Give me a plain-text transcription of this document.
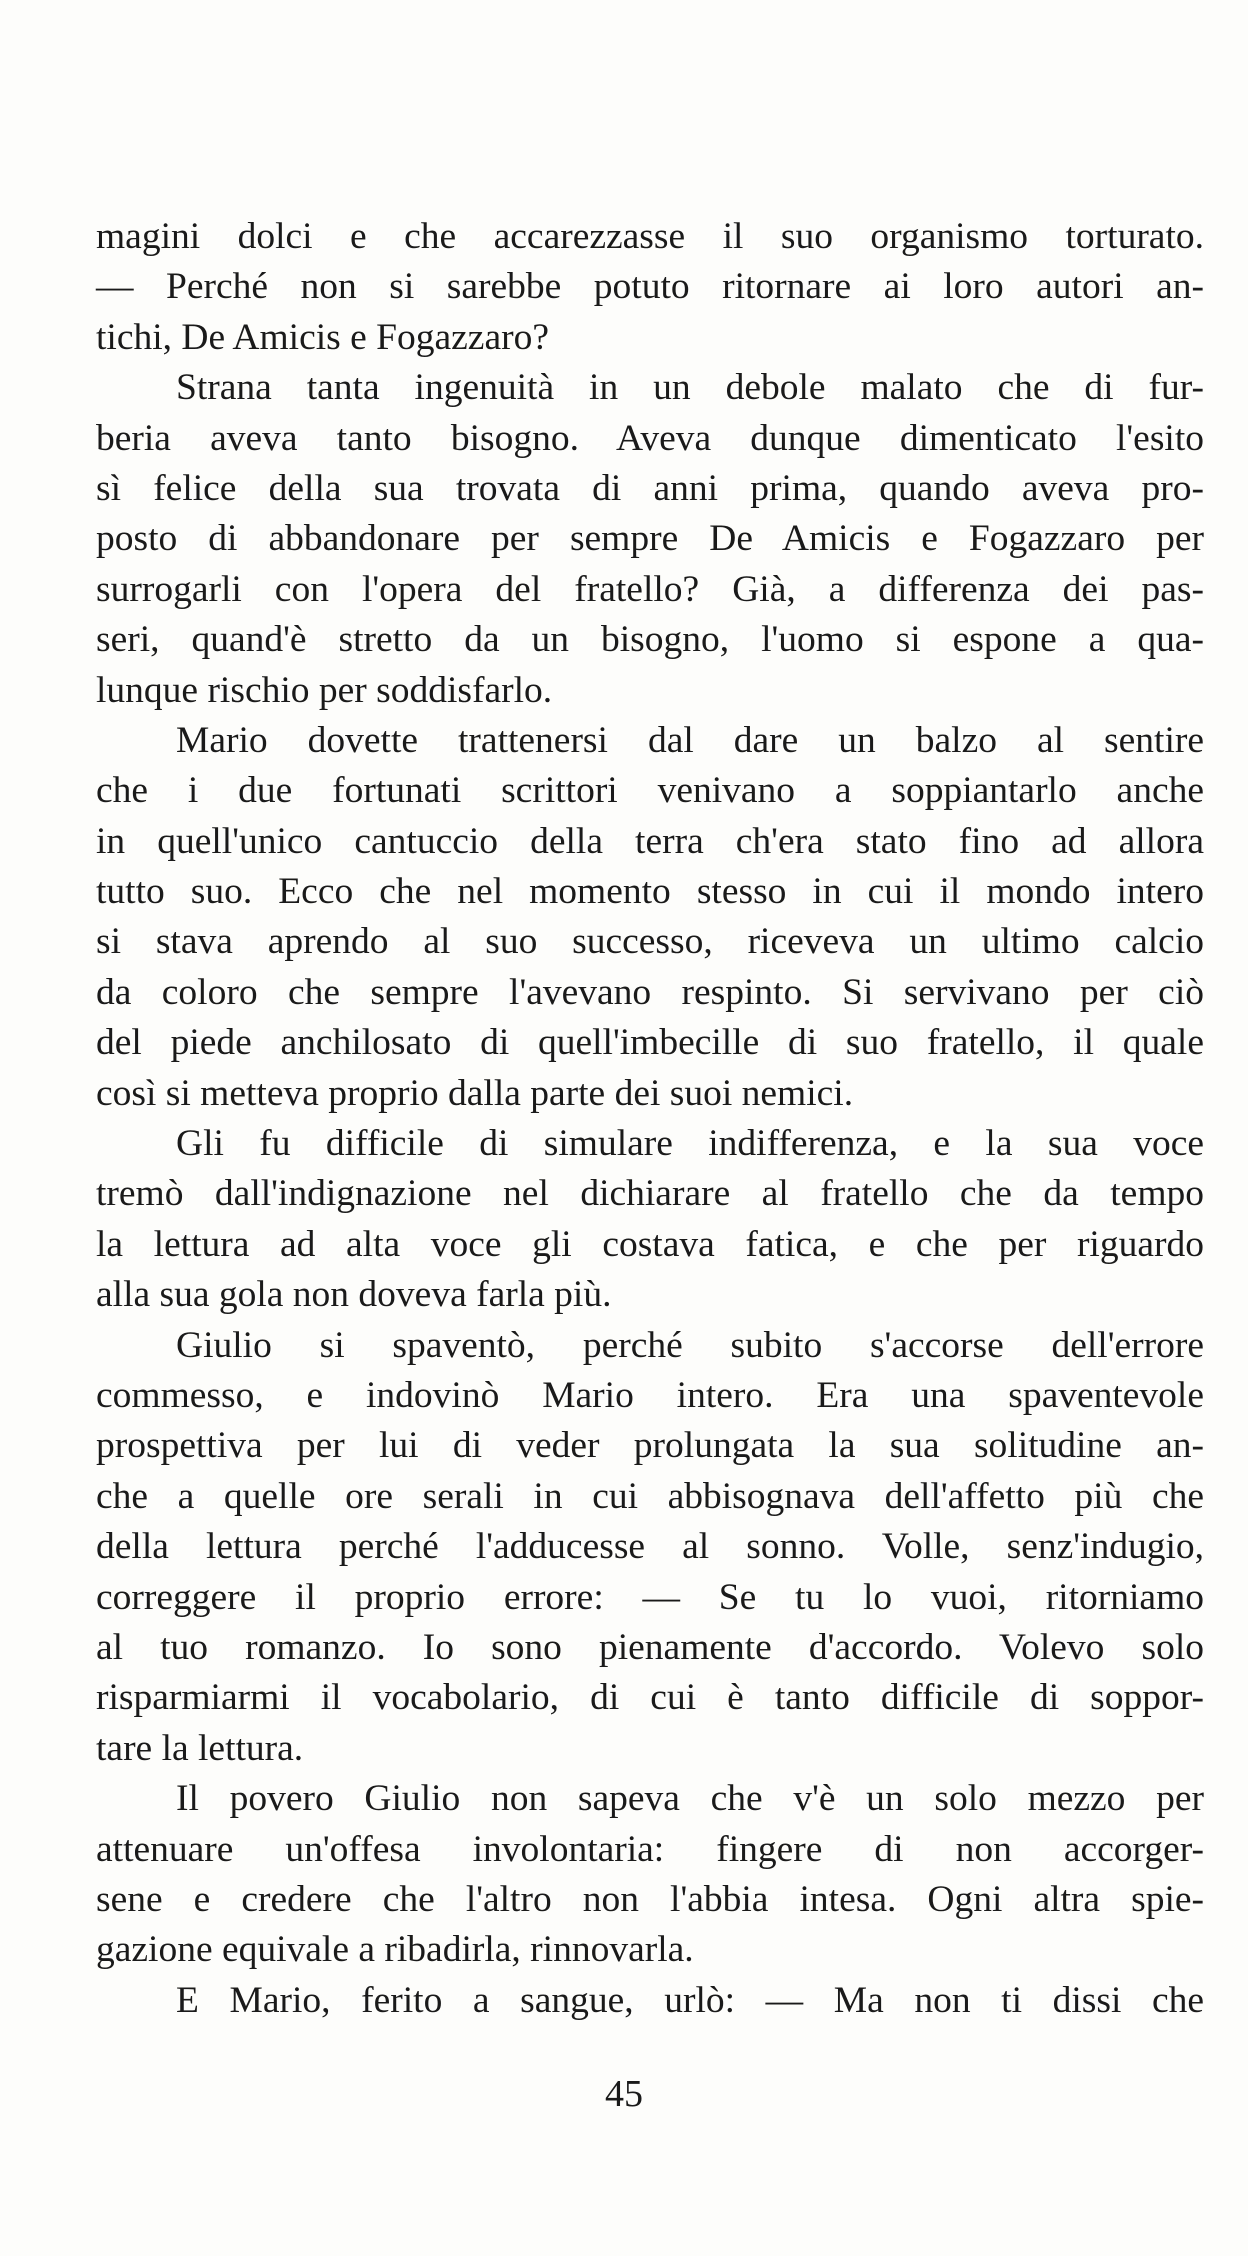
magini dolci e che accarezzasse il suo organismo torturato.
— Perché non si sarebbe potuto ritornare ai loro autori an-
tichi, De Amicis e Fogazzaro?
Strana tanta ingenuità in un debole malato che di fur-
beria aveva tanto bisogno. Aveva dunque dimenticato l'esito
sì felice della sua trovata di anni prima, quando aveva pro-
posto di abbandonare per sempre De Amicis e Fogazzaro per
surrogarli con l'opera del fratello? Già, a differenza dei pas-
seri, quand'è stretto da un bisogno, l'uomo si espone a qua-
lunque rischio per soddisfarlo.
Mario dovette trattenersi dal dare un balzo al sentire
che i due fortunati scrittori venivano a soppiantarlo anche
in quell'unico cantuccio della terra ch'era stato fino ad allora
tutto suo. Ecco che nel momento stesso in cui il mondo intero
si stava aprendo al suo successo, riceveva un ultimo calcio
da coloro che sempre l'avevano respinto. Si servivano per ciò
del piede anchilosato di quell'imbecille di suo fratello, il quale
così si metteva proprio dalla parte dei suoi nemici.
Gli fu difficile di simulare indifferenza, e la sua voce
tremò dall'indignazione nel dichiarare al fratello che da tempo
la lettura ad alta voce gli costava fatica, e che per riguardo
alla sua gola non doveva farla più.
Giulio si spaventò, perché subito s'accorse dell'errore
commesso, e indovinò Mario intero. Era una spaventevole
prospettiva per lui di veder prolungata la sua solitudine an-
che a quelle ore serali in cui abbisognava dell'affetto più che
della lettura perché l'adducesse al sonno. Volle, senz'indugio,
correggere il proprio errore: — Se tu lo vuoi, ritorniamo
al tuo romanzo. Io sono pienamente d'accordo. Volevo solo
risparmiarmi il vocabolario, di cui è tanto difficile di soppor-
tare la lettura.
Il povero Giulio non sapeva che v'è un solo mezzo per
attenuare un'offesa involontaria: fingere di non accorger-
sene e credere che l'altro non l'abbia intesa. Ogni altra spie-
gazione equivale a ribadirla, rinnovarla.
E Mario, ferito a sangue, urlò: — Ma non ti dissi che
45
